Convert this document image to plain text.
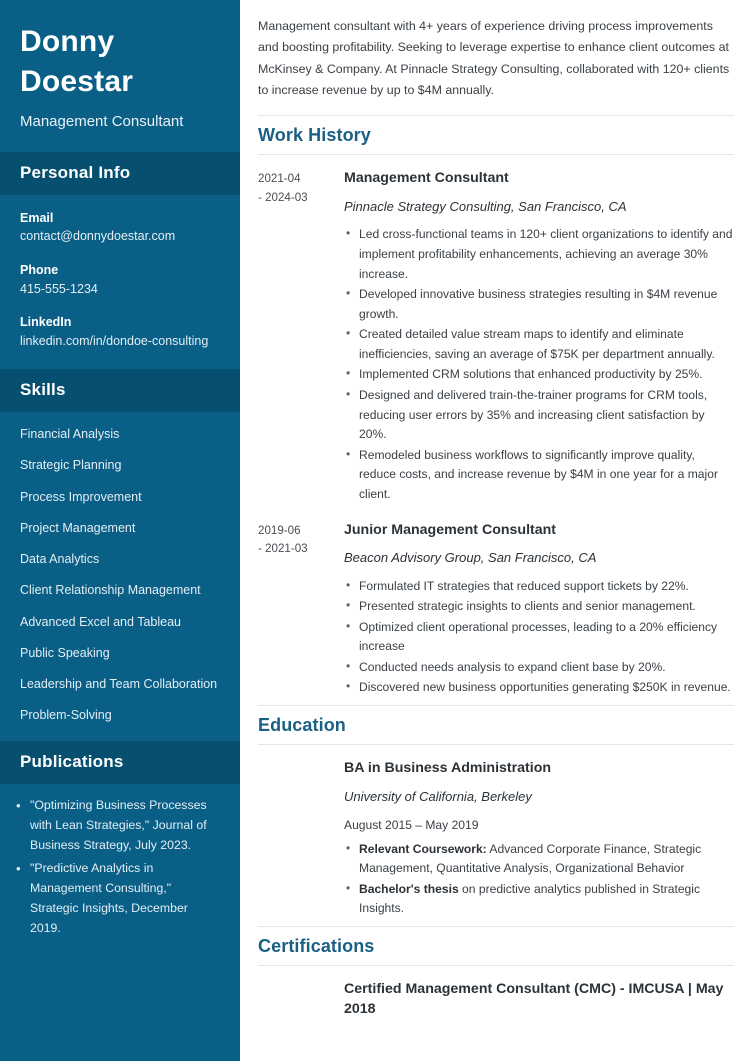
Donny
Doestar
Management Consultant
Personal Info
Email
contact@donnydoestar.com
Phone
415-555-1234
LinkedIn
linkedin.com/in/dondoe-consulting
Skills
Financial Analysis
Strategic Planning
Process Improvement
Project Management
Data Analytics
Client Relationship Management
Advanced Excel and Tableau
Public Speaking
Leadership and Team Collaboration
Problem-Solving
Publications
• "Optimizing Business Processes with Lean Strategies," Journal of Business Strategy, July 2023.
• "Predictive Analytics in Management Consulting," Strategic Insights, December 2019.

Management consultant with 4+ years of experience driving process improvements and boosting profitability. Seeking to leverage expertise to enhance client outcomes at McKinsey & Company. At Pinnacle Strategy Consulting, collaborated with 120+ clients to increase revenue by up to $4M annually.

Work History
2021-04
- 2024-03
Management Consultant
Pinnacle Strategy Consulting, San Francisco, CA
• Led cross-functional teams in 120+ client organizations to identify and implement profitability enhancements, achieving an average 30% increase.
• Developed innovative business strategies resulting in $4M revenue growth.
• Created detailed value stream maps to identify and eliminate inefficiencies, saving an average of $75K per department annually.
• Implemented CRM solutions that enhanced productivity by 25%.
• Designed and delivered train-the-trainer programs for CRM tools, reducing user errors by 35% and increasing client satisfaction by 20%.
• Remodeled business workflows to significantly improve quality, reduce costs, and increase revenue by $4M in one year for a major client.
2019-06
- 2021-03
Junior Management Consultant
Beacon Advisory Group, San Francisco, CA
• Formulated IT strategies that reduced support tickets by 22%.
• Presented strategic insights to clients and senior management.
• Optimized client operational processes, leading to a 20% efficiency increase
• Conducted needs analysis to expand client base by 20%.
• Discovered new business opportunities generating $250K in revenue.
Education
BA in Business Administration
University of California, Berkeley
August 2015 – May 2019
• Relevant Coursework: Advanced Corporate Finance, Strategic Management, Quantitative Analysis, Organizational Behavior
• Bachelor's thesis on predictive analytics published in Strategic Insights.
Certifications
Certified Management Consultant (CMC) - IMCUSA | May 2018
